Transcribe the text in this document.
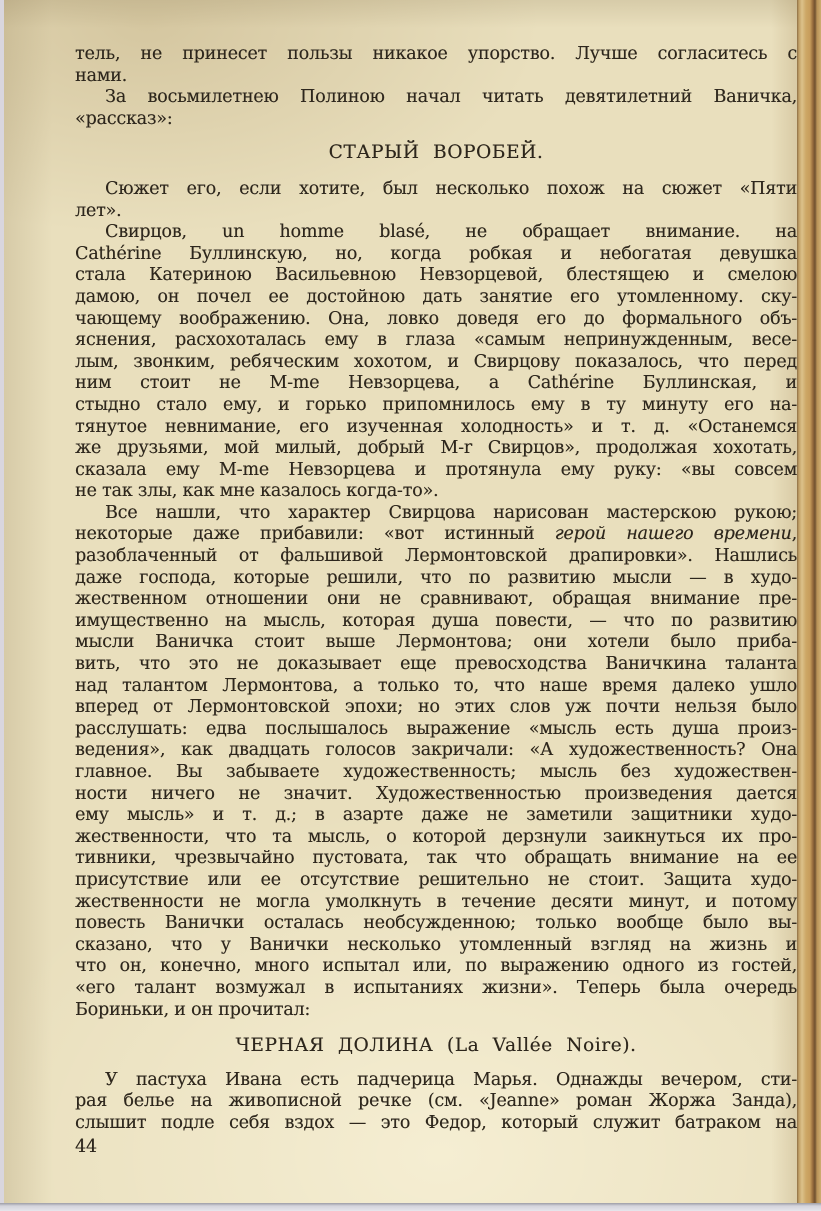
тель, не принесет пользы никакое упорство. Лучше согласитесь с
нами.
За восьмилетнею Полиною начал читать девятилетний Ваничка,
«рассказ»:
СТАРЫЙ ВОРОБЕЙ.
Сюжет его, если хотите, был несколько похож на сюжет «Пяти
лет».
Свирцов, un homme blasé, не обращает внимание. на
Cathérine Буллинскую, но, когда робкая и небогатая девушка
стала Катериною Васильевною Невзорцевой, блестящею и смелою
дамою, он почел ее достойною дать занятие его утомленному. ску-
чающему воображению. Она, ловко доведя его до формального объ-
яснения, расхохоталась ему в глаза «самым непринужденным, весе-
лым, звонким, ребяческим хохотом, и Свирцову показалось, что перед
ним стоит не M-me Невзорцева, а Cathérine Буллинская, и
стыдно стало ему, и горько припомнилось ему в ту минуту его на-
тянутое невнимание, его изученная холодность» и т. д. «Останемся
же друзьями, мой милый, добрый M-r Свирцов», продолжая хохотать,
сказала ему M-me Невзорцева и протянула ему руку: «вы совсем
не так злы, как мне казалось когда-то».
Все нашли, что характер Свирцова нарисован мастерскою рукою;
некоторые даже прибавили: «вот истинный герой нашего времени,
разоблаченный от фальшивой Лермонтовской драпировки». Нашлись
даже господа, которые решили, что по развитию мысли — в худо-
жественном отношении они не сравнивают, обращая внимание пре-
имущественно на мысль, которая душа повести, — что по развитию
мысли Ваничка стоит выше Лермонтова; они хотели было приба-
вить, что это не доказывает еще превосходства Ваничкина таланта
над талантом Лермонтова, а только то, что наше время далеко ушло
вперед от Лермонтовской эпохи; но этих слов уж почти нельзя было
расслушать: едва послышалось выражение «мысль есть душа произ-
ведения», как двадцать голосов закричали: «А художественность? Она
главное. Вы забываете художественность; мысль без художествен-
ности ничего не значит. Художественностью произведения дается
ему мысль» и т. д.; в азарте даже не заметили защитники худо-
жественности, что та мысль, о которой дерзнули заикнуться их про-
тивники, чрезвычайно пустовата, так что обращать внимание на ее
присутствие или ее отсутствие решительно не стоит. Защита худо-
жественности не могла умолкнуть в течение десяти минут, и потому
повесть Ванички осталась необсужденною; только вообще было вы-
сказано, что у Ванички несколько утомленный взгляд на жизнь и
что он, конечно, много испытал или, по выражению одного из гостей,
«его талант возмужал в испытаниях жизни». Теперь была очередь
Бориньки, и он прочитал:
ЧЕРНАЯ ДОЛИНА (La Vallée Noire).
У пастуха Ивана есть падчерица Марья. Однажды вечером, сти-
рая белье на живописной речке (см. «Jeanne» роман Жоржа Занда),
слышит подле себя вздох — это Федор, который служит батраком на
44
